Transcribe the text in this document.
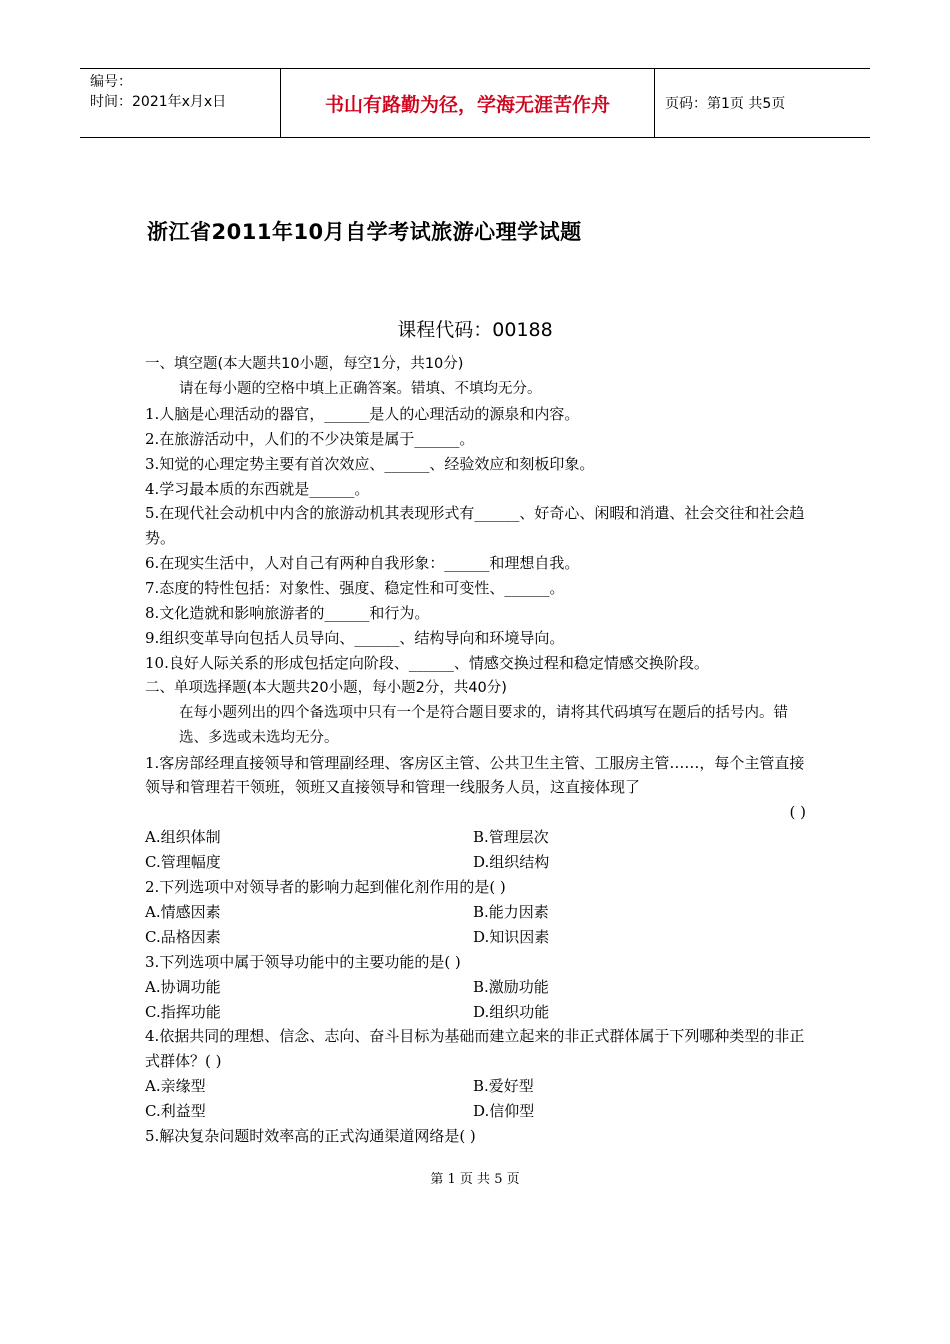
编号：
时间：2021年x月x日	书山有路勤为径，学海无涯苦作舟	页码：第1页 共5页
浙江省2011年10月自学考试旅游心理学试题
课程代码：00188
一、填空题(本大题共10小题，每空1分，共10分)
请在每小题的空格中填上正确答案。错填、不填均无分。
1.人脑是心理活动的器官，______是人的心理活动的源泉和内容。
2.在旅游活动中，人们的不少决策是属于______。
3.知觉的心理定势主要有首次效应、______、经验效应和刻板印象。
4.学习最本质的东西就是______。
5.在现代社会动机中内含的旅游动机其表现形式有______、好奇心、闲暇和消遣、社会交往和社会趋势。
6.在现实生活中，人对自己有两种自我形象：______和理想自我。
7.态度的特性包括：对象性、强度、稳定性和可变性、______。
8.文化造就和影响旅游者的______和行为。
9.组织变革导向包括人员导向、______、结构导向和环境导向。
10.良好人际关系的形成包括定向阶段、______、情感交换过程和稳定情感交换阶段。
二、单项选择题(本大题共20小题，每小题2分，共40分)
在每小题列出的四个备选项中只有一个是符合题目要求的，请将其代码填写在题后的括号内。错选、多选或未选均无分。
1.客房部经理直接领导和管理副经理、客房区主管、公共卫生主管、工服房主管……，每个主管直接领导和管理若干领班，领班又直接领导和管理一线服务人员，这直接体现了
( )
A.组织体制	B.管理层次
C.管理幅度	D.组织结构
2.下列选项中对领导者的影响力起到催化剂作用的是( )
A.情感因素	B.能力因素
C.品格因素	D.知识因素
3.下列选项中属于领导功能中的主要功能的是( )
A.协调功能	B.激励功能
C.指挥功能	D.组织功能
4.依据共同的理想、信念、志向、奋斗目标为基础而建立起来的非正式群体属于下列哪种类型的非正式群体？( )
A.亲缘型	B.爱好型
C.利益型	D.信仰型
5.解决复杂问题时效率高的正式沟通渠道网络是( )
第 1 页 共 5 页
